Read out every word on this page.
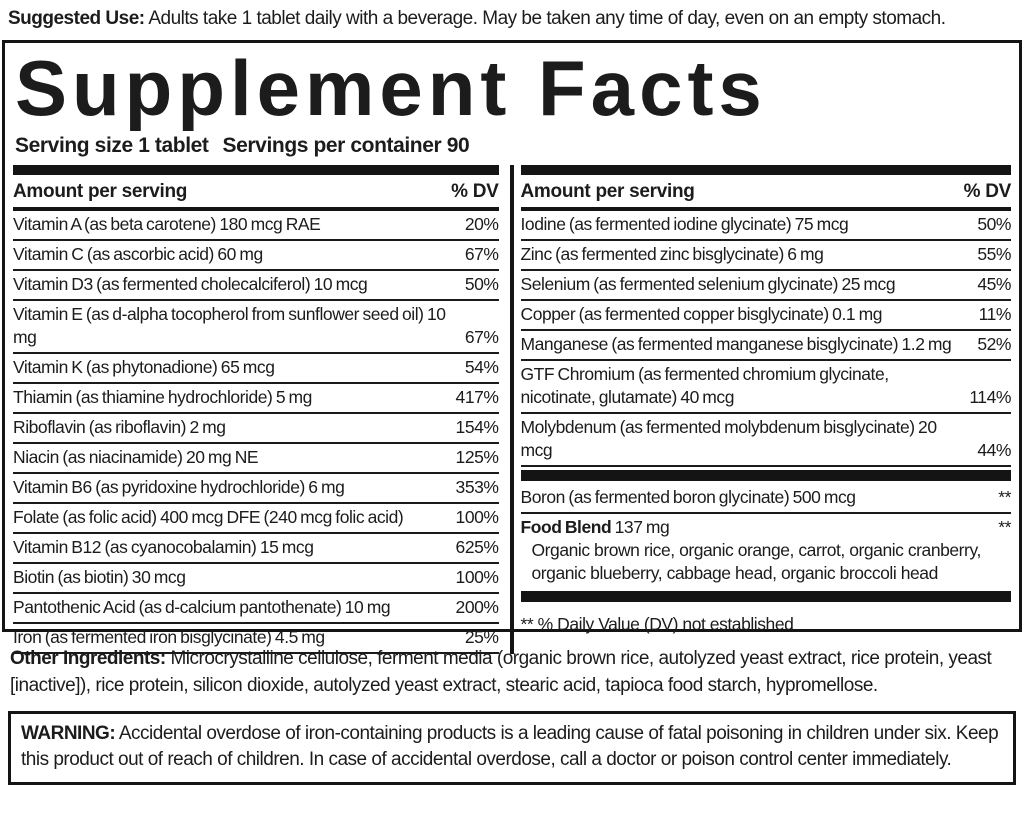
Suggested Use: Adults take 1 tablet daily with a beverage. May be taken any time of day, even on an empty stomach.

Supplement Facts

Serving size 1 tablet Servings per container 90

Amount per serving	% DV
Vitamin A (as beta carotene) 180 mcg RAE	20%
Vitamin C (as ascorbic acid) 60 mg	67%
Vitamin D3 (as fermented cholecalciferol) 10 mcg	50%
Vitamin E (as d-alpha tocopherol from sunflower seed oil) 10 mg	67%
Vitamin K (as phytonadione) 65 mcg	54%
Thiamin (as thiamine hydrochloride) 5 mg	417%
Riboflavin (as riboflavin) 2 mg	154%
Niacin (as niacinamide) 20 mg NE	125%
Vitamin B6 (as pyridoxine hydrochloride) 6 mg	353%
Folate (as folic acid) 400 mcg DFE (240 mcg folic acid)	100%
Vitamin B12 (as cyanocobalamin) 15 mcg	625%
Biotin (as biotin) 30 mcg	100%
Pantothenic Acid (as d-calcium pantothenate) 10 mg	200%
Iron (as fermented iron bisglycinate) 4.5 mg	25%
Amount per serving	% DV
Iodine (as fermented iodine glycinate) 75 mcg	50%
Zinc (as fermented zinc bisglycinate) 6 mg	55%
Selenium (as fermented selenium glycinate) 25 mcg	45%
Copper (as fermented copper bisglycinate) 0.1 mg	11%
Manganese (as fermented manganese bisglycinate) 1.2 mg	52%
GTF Chromium (as fermented chromium glycinate, nicotinate, glutamate) 40 mcg	114%
Molybdenum (as fermented molybdenum bisglycinate) 20 mcg	44%
Boron (as fermented boron glycinate) 500 mcg	**
Food Blend 137 mg	**
Organic brown rice, organic orange, carrot, organic cranberry, organic blueberry, cabbage head, organic broccoli head
** % Daily Value (DV) not established

Other Ingredients: Microcrystalline cellulose, ferment media (organic brown rice, autolyzed yeast extract, rice protein, yeast [inactive]), rice protein, silicon dioxide, autolyzed yeast extract, stearic acid, tapioca food starch, hypromellose.

WARNING: Accidental overdose of iron-containing products is a leading cause of fatal poisoning in children under six. Keep this product out of reach of children. In case of accidental overdose, call a doctor or poison control center immediately.
